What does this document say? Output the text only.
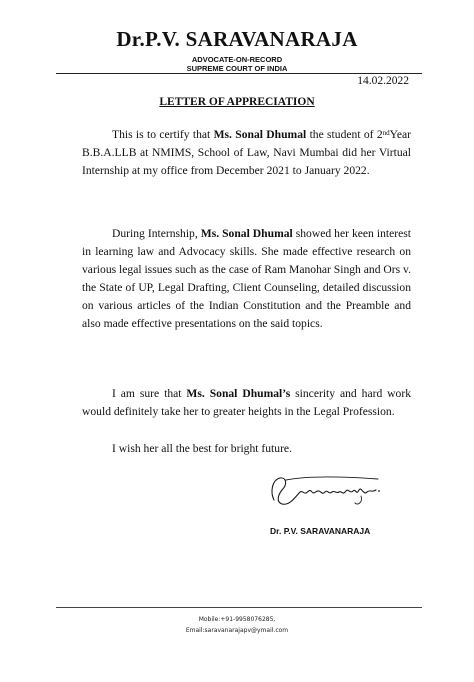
Dr.P.V. SARAVANARAJA
ADVOCATE-ON-RECORD
SUPREME COURT OF INDIA
14.02.2022
LETTER OF APPRECIATION

This is to certify that Ms. Sonal Dhumal the student of 2ndYear B.B.A.LLB at NMIMS, School of Law, Navi Mumbai did her Virtual Internship at my office from December 2021 to January 2022.

During Internship, Ms. Sonal Dhumal showed her keen interest in learning law and Advocacy skills. She made effective research on various legal issues such as the case of Ram Manohar Singh and Ors v. the State of UP, Legal Drafting, Client Counseling, detailed discussion on various articles of the Indian Constitution and the Preamble and also made effective presentations on the said topics.

I am sure that Ms. Sonal Dhumal’s sincerity and hard work would definitely take her to greater heights in the Legal Profession.

I wish her all the best for bright future.

Dr. P.V. SARAVANARAJA
Mobile:+91-9958076285,
Email:saravanarajapv@ymail.com
